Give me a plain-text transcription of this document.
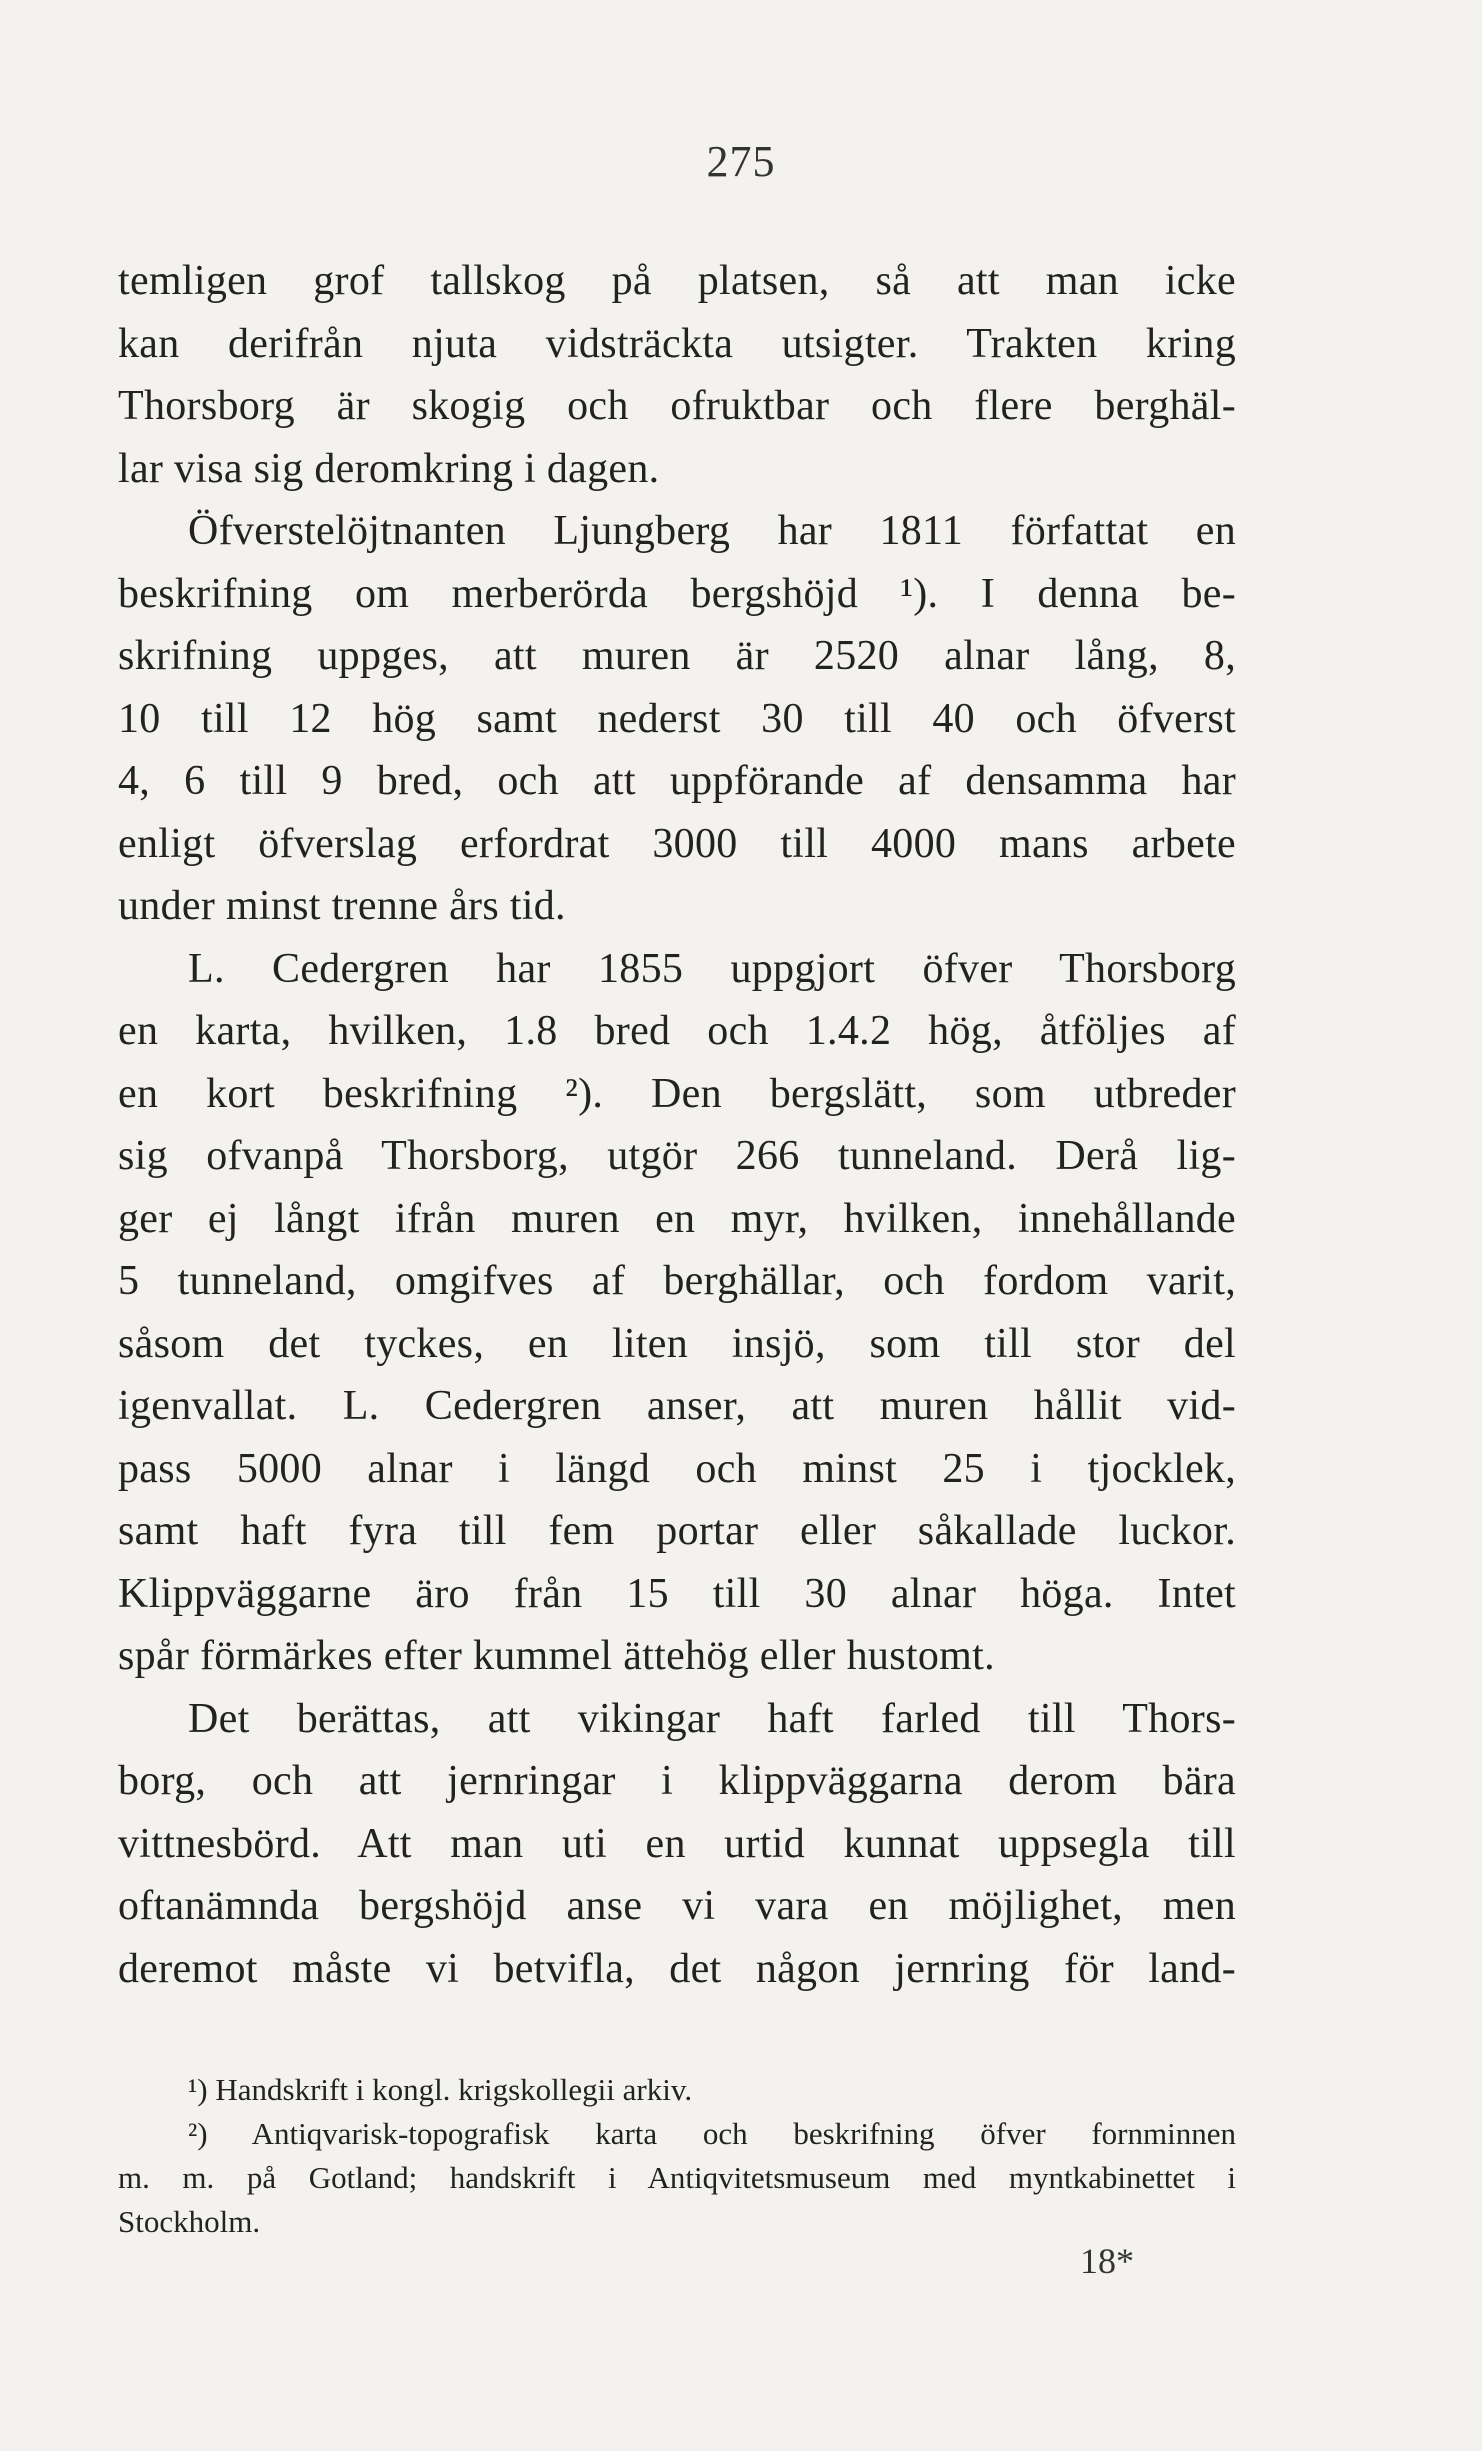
275
temligen grof tallskog på platsen, så att man icke
kan derifrån njuta vidsträckta utsigter. Trakten kring
Thorsborg är skogig och ofruktbar och flere berghäl-
lar visa sig deromkring i dagen.
Öfverstelöjtnanten Ljungberg har 1811 författat en
beskrifning om merberörda bergshöjd ¹). I denna be-
skrifning uppges, att muren är 2520 alnar lång, 8,
10 till 12 hög samt nederst 30 till 40 och öfverst
4, 6 till 9 bred, och att uppförande af densamma har
enligt öfverslag erfordrat 3000 till 4000 mans arbete
under minst trenne års tid.
L. Cedergren har 1855 uppgjort öfver Thorsborg
en karta, hvilken, 1.8 bred och 1.4.2 hög, åtföljes af
en kort beskrifning ²). Den bergslätt, som utbreder
sig ofvanpå Thorsborg, utgör 266 tunneland. Derå lig-
ger ej långt ifrån muren en myr, hvilken, innehållande
5 tunneland, omgifves af berghällar, och fordom varit,
såsom det tyckes, en liten insjö, som till stor del
igenvallat. L. Cedergren anser, att muren hållit vid-
pass 5000 alnar i längd och minst 25 i tjocklek,
samt haft fyra till fem portar eller såkallade luckor.
Klippväggarne äro från 15 till 30 alnar höga. Intet
spår förmärkes efter kummel ättehög eller hustomt.
Det berättas, att vikingar haft farled till Thors-
borg, och att jernringar i klippväggarna derom bära
vittnesbörd. Att man uti en urtid kunnat uppsegla till
oftanämnda bergshöjd anse vi vara en möjlighet, men
deremot måste vi betvifla, det någon jernring för land-
¹) Handskrift i kongl. krigskollegii arkiv.
²) Antiqvarisk-topografisk karta och beskrifning öfver fornminnen
m. m. på Gotland; handskrift i Antiqvitetsmuseum med myntkabinettet i
Stockholm.
18*
